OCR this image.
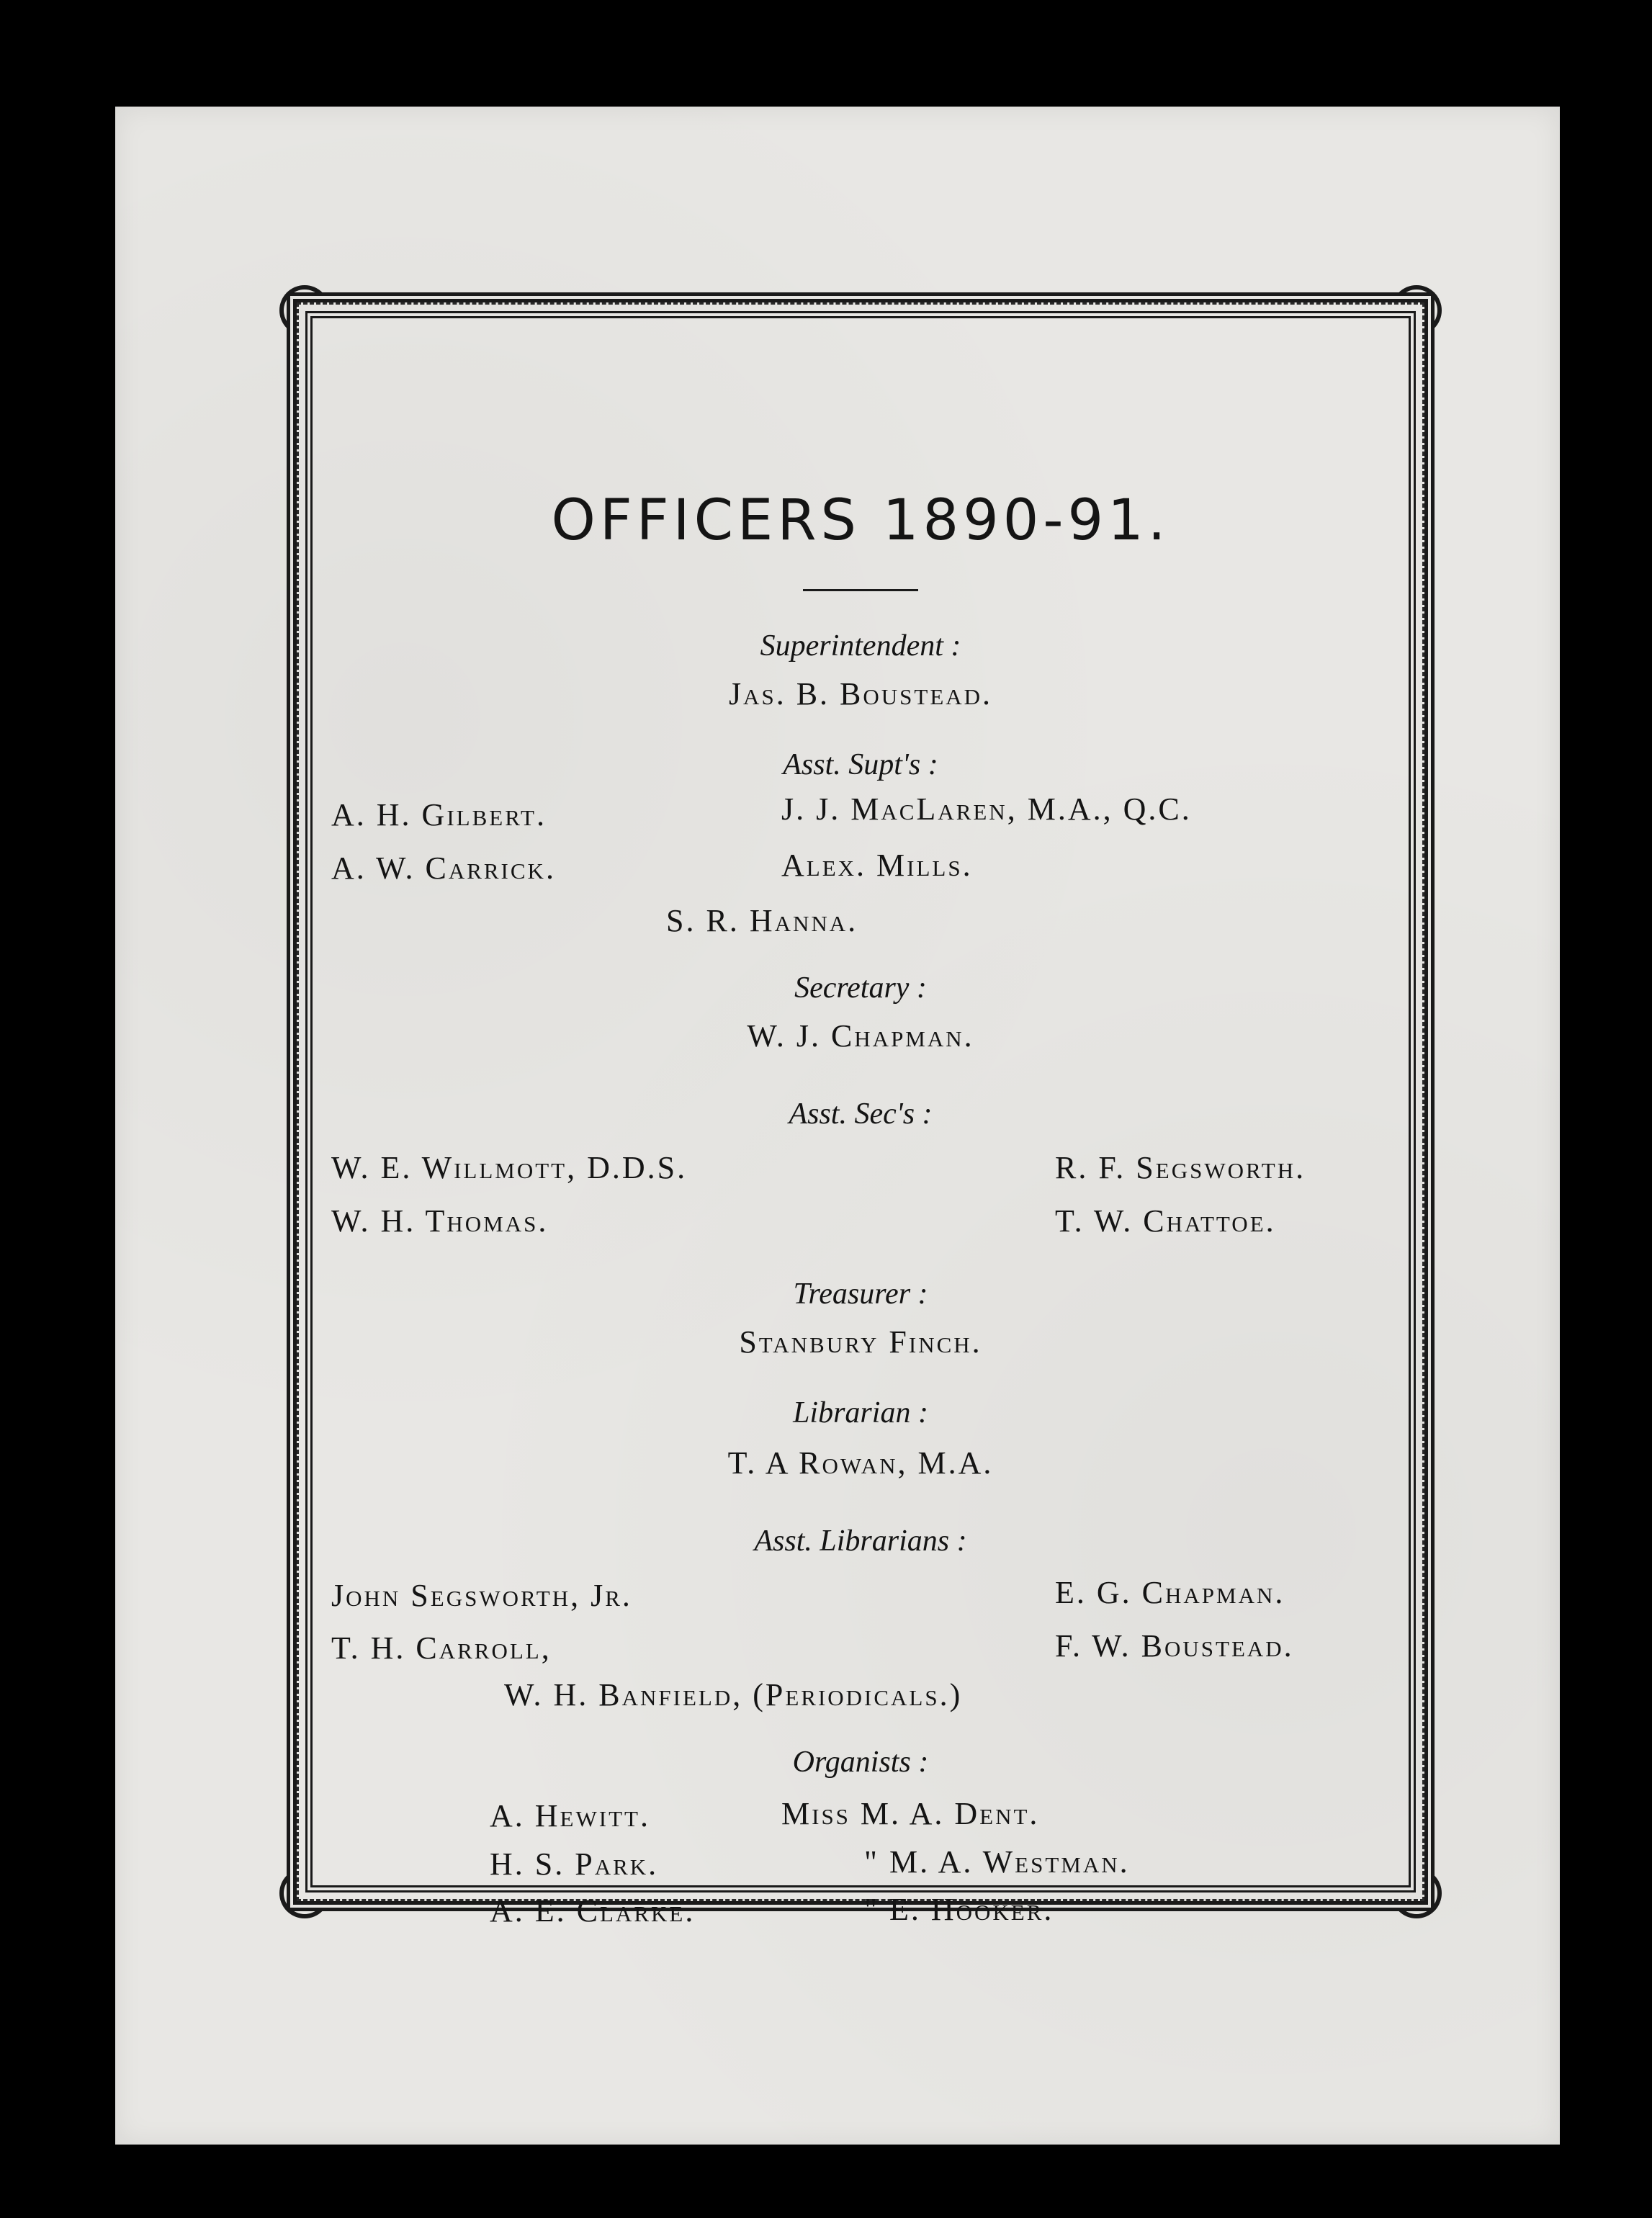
OFFICERS 1890-91.
Superintendent :
Jas. B. Boustead.
Asst. Supt's :
A. H. Gilbert.	J. J. MacLaren, M.A., Q.C.
A. W. Carrick.	Alex. Mills.
S. R. Hanna.
Secretary :
W. J. Chapman.
Asst. Sec's :
W. E. Willmott, D.D.S.	R. F. Segsworth.
W. H. Thomas.	T. W. Chattoe.
Treasurer :
Stanbury Finch.
Librarian :
T. A Rowan, M.A.
Asst. Librarians :
John Segsworth, Jr.	E. G. Chapman.
T. H. Carroll,	F. W. Boustead.
W. H. Banfield, (Periodicals.)
Organists :
A. Hewitt.	Miss M. A. Dent.
H. S. Park.	" M. A. Westman.
A. E. Clarke.	" E. Hooker.
